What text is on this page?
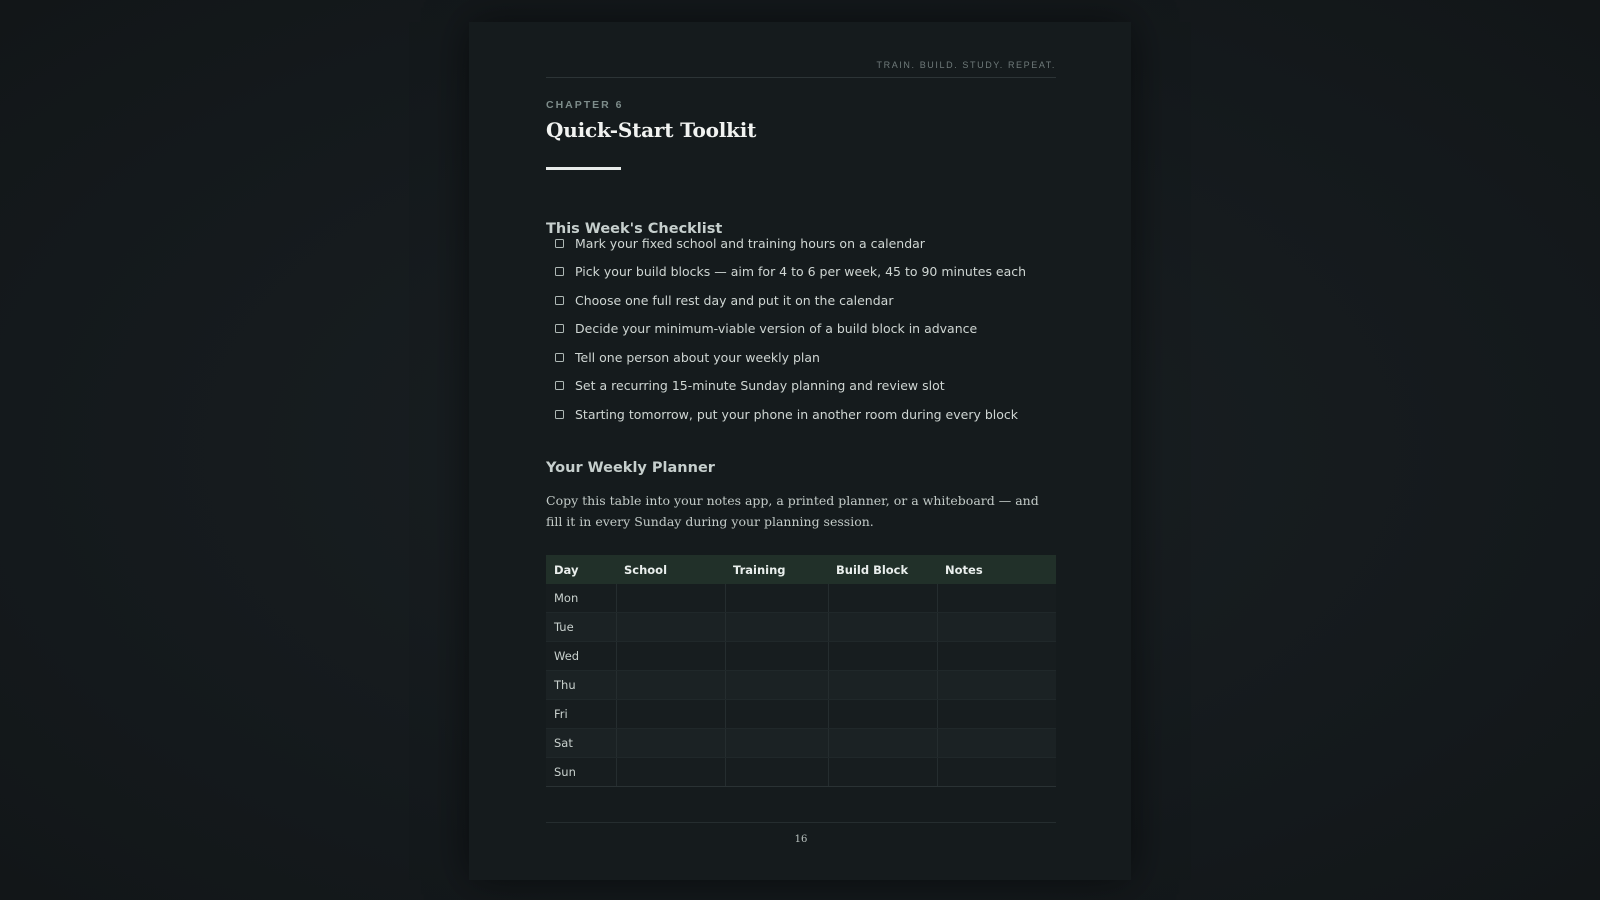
TRAIN. BUILD. STUDY. REPEAT.
CHAPTER 6
Quick-Start Toolkit
This Week's Checklist
Mark your fixed school and training hours on a calendar
Pick your build blocks — aim for 4 to 6 per week, 45 to 90 minutes each
Choose one full rest day and put it on the calendar
Decide your minimum-viable version of a build block in advance
Tell one person about your weekly plan
Set a recurring 15-minute Sunday planning and review slot
Starting tomorrow, put your phone in another room during every block
Your Weekly Planner
Copy this table into your notes app, a printed planner, or a whiteboard — and fill it in every Sunday during your planning session.
Day	School	Training	Build Block	Notes
Mon				
Tue				
Wed				
Thu				
Fri				
Sat				
Sun				
16
